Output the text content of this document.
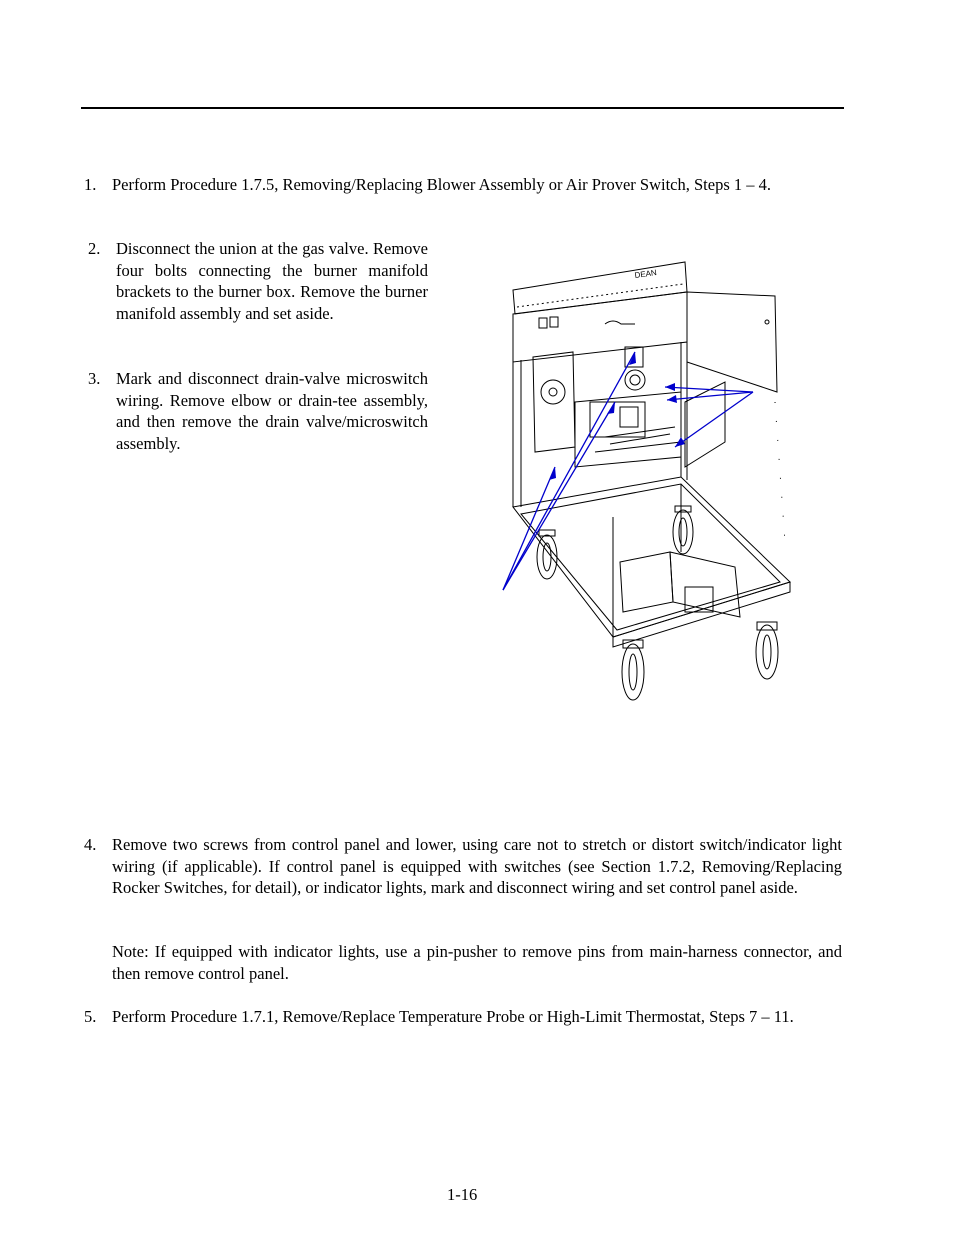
1. Perform Procedure 1.7.5, Removing/Replacing Blower Assembly or Air Prover Switch, Steps 1 – 4.
2. Disconnect the union at the gas valve. Remove four bolts connecting the burner manifold brackets to the burner box. Remove the burner manifold assembly and set aside.
3. Mark and disconnect drain-valve microswitch wiring. Remove elbow or drain-tee assembly, and then remove the drain valve/microswitch assembly.
DEAN
4. Remove two screws from control panel and lower, using care not to stretch or distort switch/indicator light wiring (if applicable). If control panel is equipped with switches (see Section 1.7.2, Removing/Replacing Rocker Switches, for detail), or indicator lights, mark and disconnect wiring and set control panel aside.
Note: If equipped with indicator lights, use a pin-pusher to remove pins from main-harness connector, and then remove control panel.
5. Perform Procedure 1.7.1, Remove/Replace Temperature Probe or High-Limit Thermostat, Steps 7 – 11.
1-16
